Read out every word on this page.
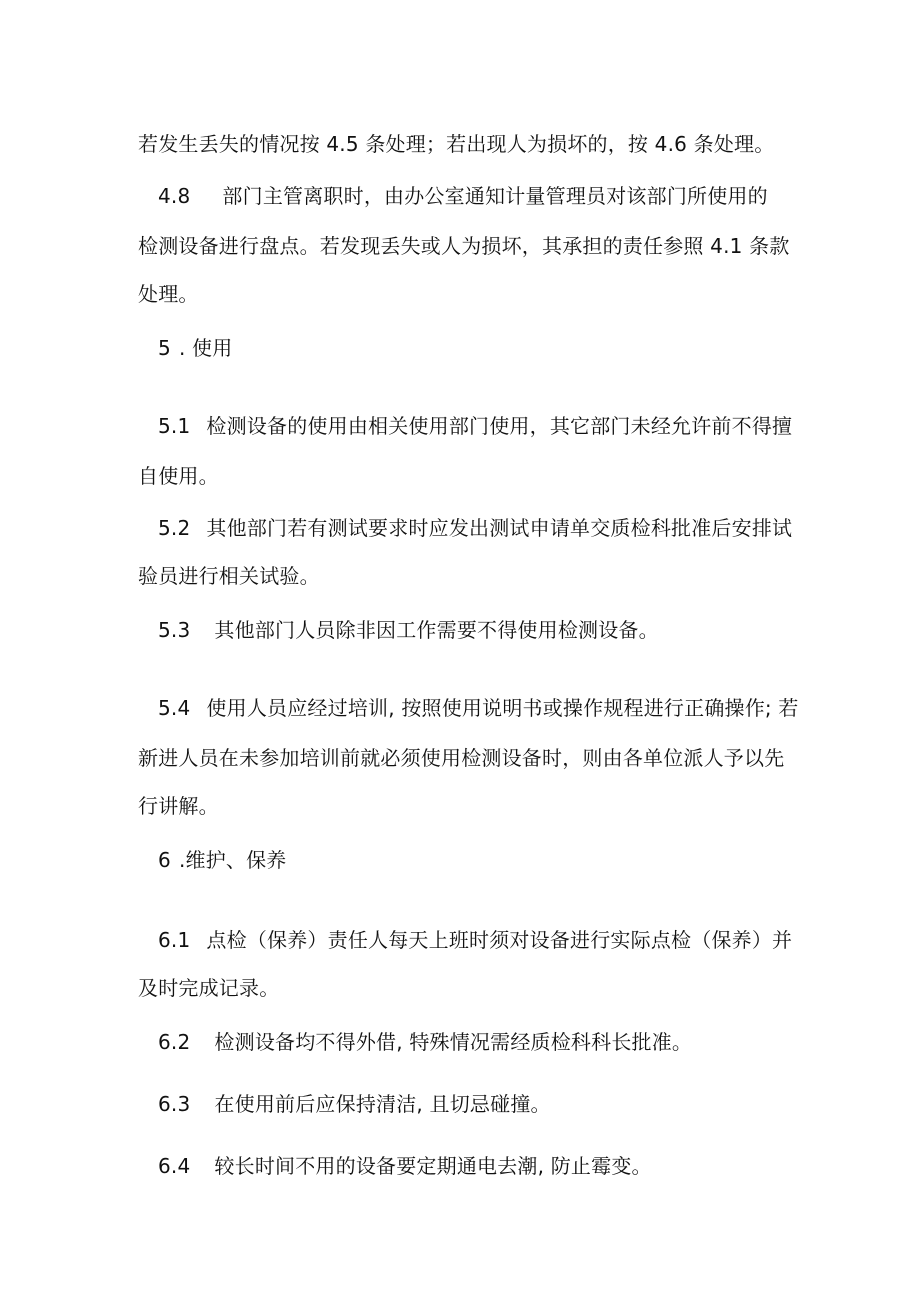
若发生丢失的情况按 4.5 条处理；若出现人为损坏的，按 4.6 条处理。
4.8 部门主管离职时，由办公室通知计量管理员对该部门所使用的
检测设备进行盘点。若发现丢失或人为损坏，其承担的责任参照 4.1 条款
处理。
5 . 使用
5.1 检测设备的使用由相关使用部门使用，其它部门未经允许前不得擅
自使用。
5.2 其他部门若有测试要求时应发出测试申请单交质检科批准后安排试
验员进行相关试验。
5.3 其他部门人员除非因工作需要不得使用检测设备。
5.4 使用人员应经过培训, 按照使用说明书或操作规程进行正确操作; 若
新进人员在未参加培训前就必须使用检测设备时，则由各单位派人予以先
行讲解。
6 .维护、保养
6.1 点检（保养）责任人每天上班时须对设备进行实际点检（保养）并
及时完成记录。
6.2 检测设备均不得外借, 特殊情况需经质检科科长批准。
6.3 在使用前后应保持清洁, 且切忌碰撞。
6.4 较长时间不用的设备要定期通电去潮, 防止霉变。
